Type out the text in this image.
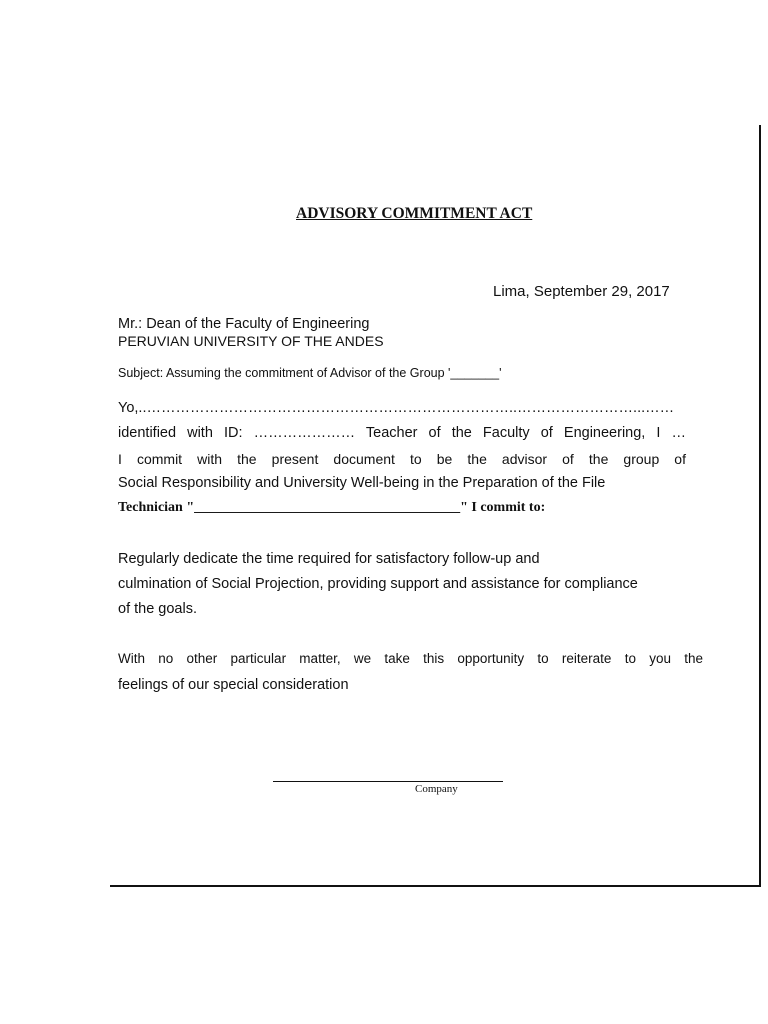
ADVISORY COMMITMENT ACT
Lima, September 29, 2017
Mr.: Dean of the Faculty of Engineering
PERUVIAN UNIVERSITY OF THE ANDES
Subject: Assuming the commitment of Advisor of the Group '_______'
Yo,..…………………………………………………………………..……………………...……
identified with ID: ………………… Teacher of the Faculty of Engineering, I …
I commit with the present document to be the advisor of the group of
Social Responsibility and University Well-being in the Preparation of the File
Technician "______________________________________" I commit to:
Regularly dedicate the time required for satisfactory follow-up and
culmination of Social Projection, providing support and assistance for compliance
of the goals.
With no other particular matter, we take this opportunity to reiterate to you the
feelings of our special consideration
Company
